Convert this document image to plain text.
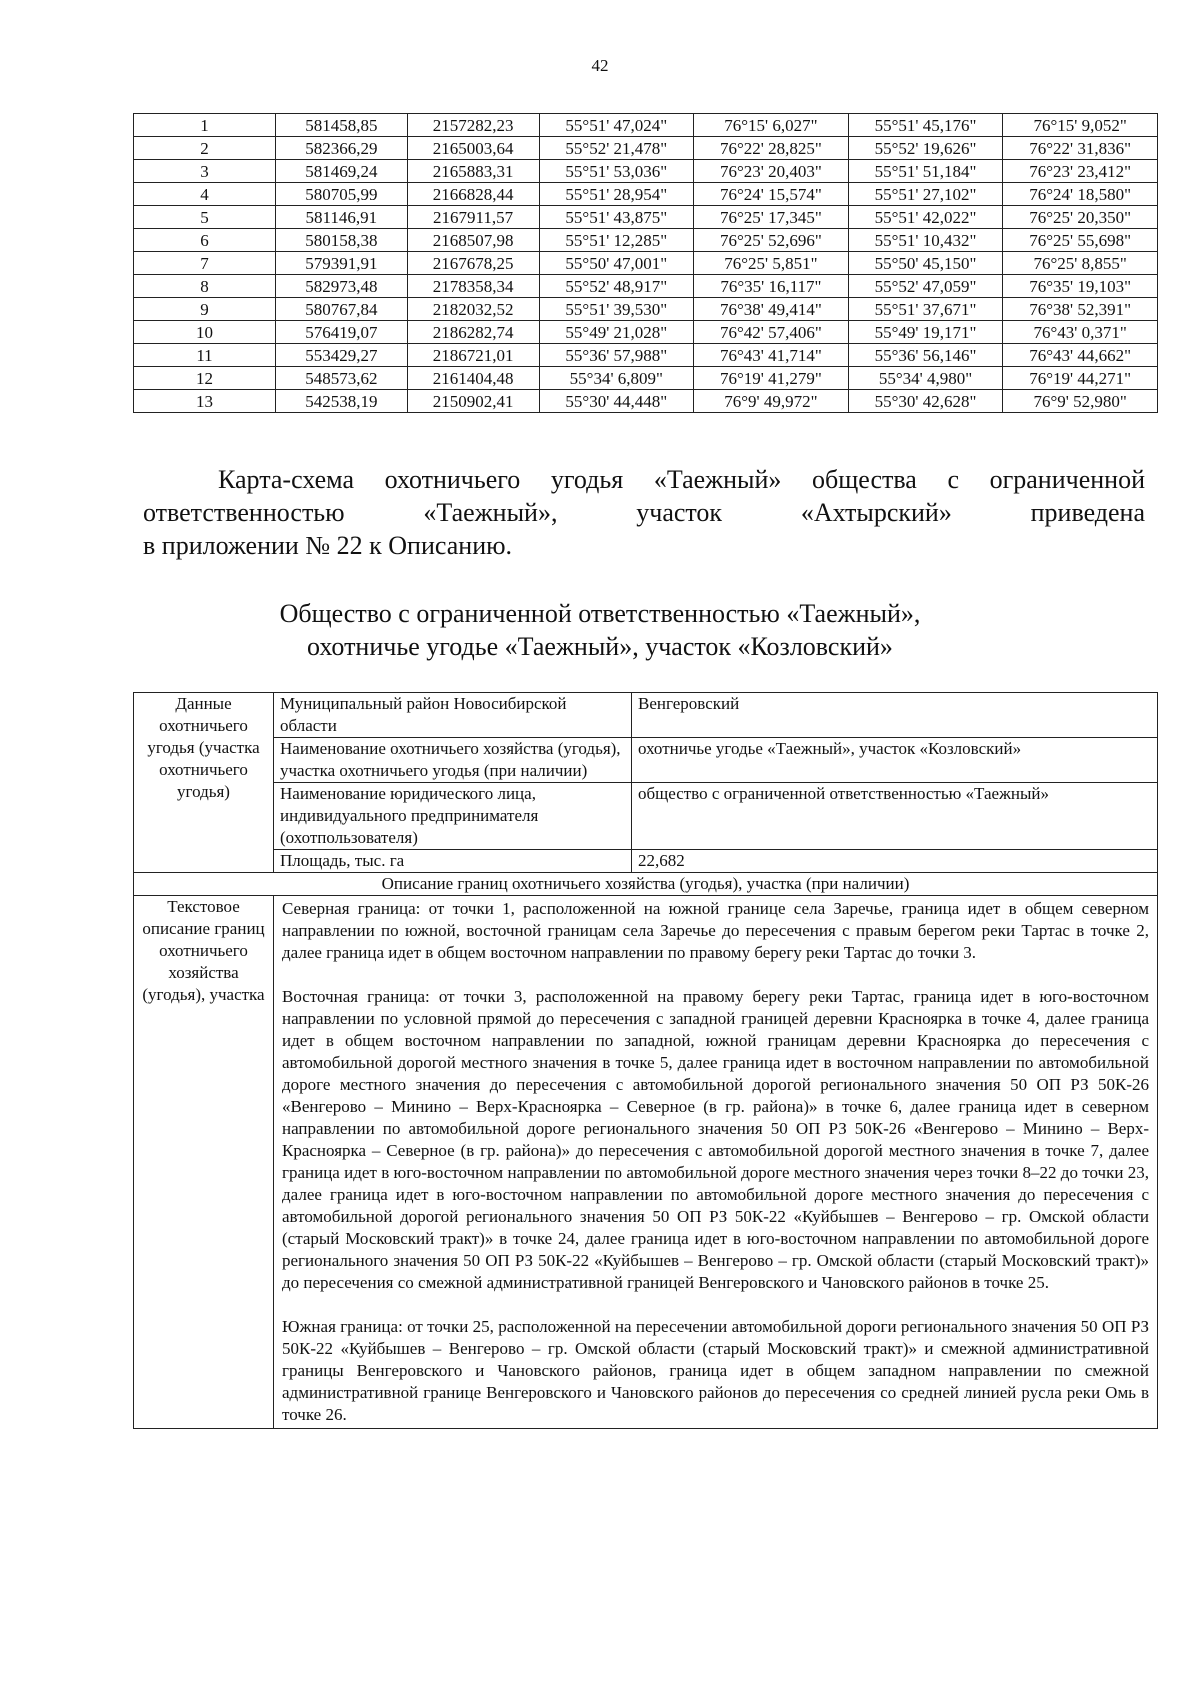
42
1	581458,85	2157282,23	55°51' 47,024"	76°15' 6,027"	55°51' 45,176"	76°15' 9,052"
2	582366,29	2165003,64	55°52' 21,478"	76°22' 28,825"	55°52' 19,626"	76°22' 31,836"
3	581469,24	2165883,31	55°51' 53,036"	76°23' 20,403"	55°51' 51,184"	76°23' 23,412"
4	580705,99	2166828,44	55°51' 28,954"	76°24' 15,574"	55°51' 27,102"	76°24' 18,580"
5	581146,91	2167911,57	55°51' 43,875"	76°25' 17,345"	55°51' 42,022"	76°25' 20,350"
6	580158,38	2168507,98	55°51' 12,285"	76°25' 52,696"	55°51' 10,432"	76°25' 55,698"
7	579391,91	2167678,25	55°50' 47,001"	76°25' 5,851"	55°50' 45,150"	76°25' 8,855"
8	582973,48	2178358,34	55°52' 48,917"	76°35' 16,117"	55°52' 47,059"	76°35' 19,103"
9	580767,84	2182032,52	55°51' 39,530"	76°38' 49,414"	55°51' 37,671"	76°38' 52,391"
10	576419,07	2186282,74	55°49' 21,028"	76°42' 57,406"	55°49' 19,171"	76°43' 0,371"
11	553429,27	2186721,01	55°36' 57,988"	76°43' 41,714"	55°36' 56,146"	76°43' 44,662"
12	548573,62	2161404,48	55°34' 6,809"	76°19' 41,279"	55°34' 4,980"	76°19' 44,271"
13	542538,19	2150902,41	55°30' 44,448"	76°9' 49,972"	55°30' 42,628"	76°9' 52,980"

Карта-схема охотничьего угодья «Таежный» общества с ограниченной

ответственностью «Таежный», участок «Ахтырский» приведена

в приложении № 22 к Описанию.

Общество с ограниченной ответственностью «Таежный»,
охотничье угодье «Таежный», участок «Козловский»
Данные охотничьего угодья (участка охотничьего угодья)	Муниципальный район Новосибирской области	Венгеровский
	Наименование охотничьего хозяйства (угодья), участка охотничьего угодья (при наличии)	охотничье угодье «Таежный», участок «Козловский»
	Наименование юридического лица, индивидуального предпринимателя (охотпользователя)	общество с ограниченной ответственностью «Таежный»
	Площадь, тыс. га	22,682
Описание границ охотничьего хозяйства (угодья), участка (при наличии)		
Текстовое описание границ охотничьего хозяйства (угодья), участка	Северная граница: от точки 1, расположенной на южной границе села Заречье, граница идет в общем северном направлении по южной, восточной границам села Заречье до пересечения с правым берегом реки Тартас в точке 2, далее граница идет в общем восточном направлении по правому берегу реки Тартас до точки 3.

Восточная граница: от точки 3, расположенной на правому берегу реки Тартас, граница идет в юго-восточном направлении по условной прямой до пересечения с западной границей деревни Красноярка в точке 4, далее граница идет в общем восточном направлении по западной, южной границам деревни Красноярка до пересечения с автомобильной дорогой местного значения в точке 5, далее граница идет в восточном направлении по автомобильной дороге местного значения до пересечения с автомобильной дорогой регионального значения 50 ОП РЗ 50К-26 «Венгерово – Минино – Верх-Красноярка – Северное (в гр. района)» в точке 6, далее граница идет в северном направлении по автомобильной дороге регионального значения 50 ОП РЗ 50К-26 «Венгерово – Минино – Верх-Красноярка – Северное (в гр. района)» до пересечения с автомобильной дорогой местного значения в точке 7, далее граница идет в юго-восточном направлении по автомобильной дороге местного значения через точки 8–22 до точки 23, далее граница идет в юго-восточном направлении по автомобильной дороге местного значения до пересечения с автомобильной дорогой регионального значения 50 ОП РЗ 50К-22 «Куйбышев – Венгерово – гр. Омской области (старый Московский тракт)» в точке 24, далее граница идет в юго-восточном направлении по автомобильной дороге регионального значения 50 ОП РЗ 50К-22 «Куйбышев – Венгерово – гр. Омской области (старый Московский тракт)» до пересечения со смежной административной границей Венгеровского и Чановского районов в точке 25.

Южная граница: от точки 25, расположенной на пересечении автомобильной дороги регионального значения 50 ОП РЗ 50К-22 «Куйбышев – Венгерово – гр. Омской области (старый Московский тракт)» и смежной административной границы Венгеровского и Чановского районов, граница идет в общем западном направлении по смежной административной границе Венгеровского и Чановского районов до пересечения со средней линией русла реки Омь в точке 26.	
